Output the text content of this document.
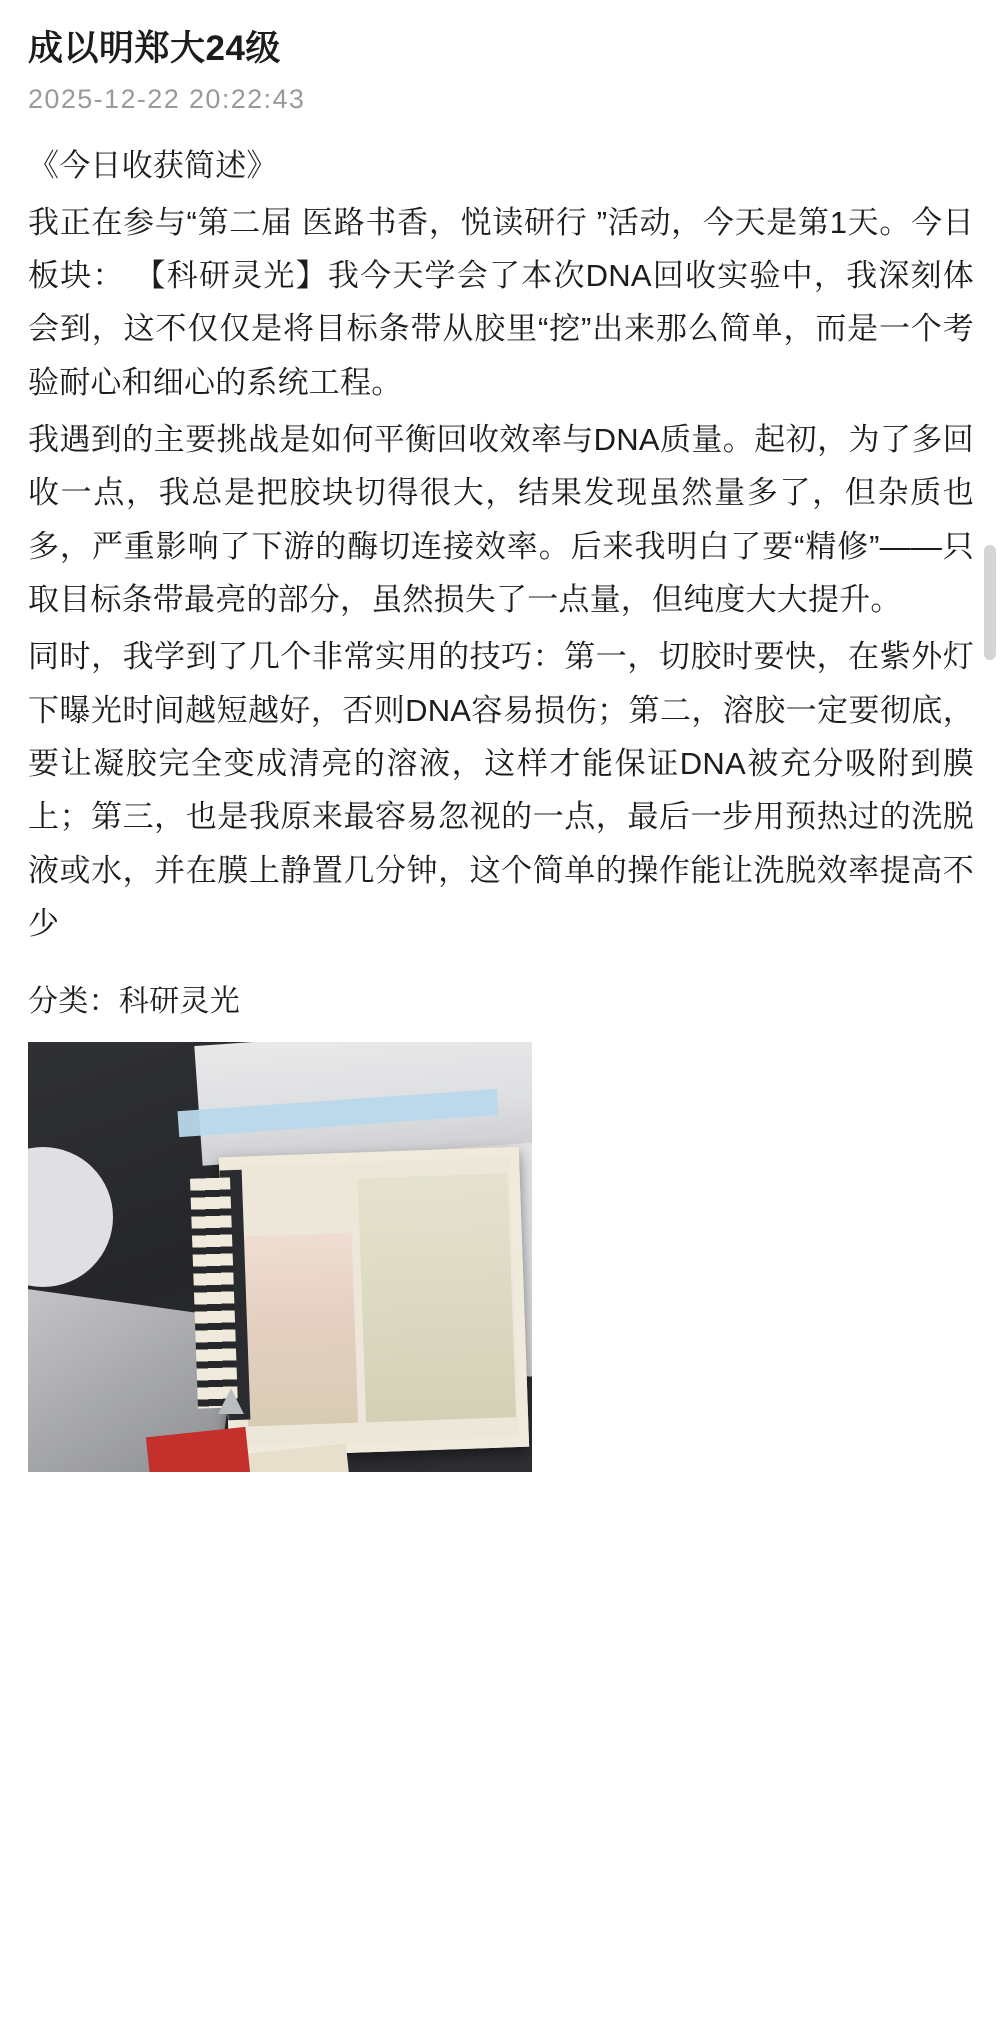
成以明郑大24级
2025-12-22 20:22:43
《今日收获简述》
我正在参与“第二届 医路书香，悦读研行 ”活动，今天是第1天。今日板块： 【科研灵光】我今天学会了本次DNA回收实验中，我深刻体会到，这不仅仅是将目标条带从胶里“挖”出来那么简单，而是一个考验耐心和细心的系统工程。
我遇到的主要挑战是如何平衡回收效率与DNA质量。起初，为了多回收一点，我总是把胶块切得很大，结果发现虽然量多了，但杂质也多，严重影响了下游的酶切连接效率。后来我明白了要“精修”——只取目标条带最亮的部分，虽然损失了一点量，但纯度大大提升。
同时，我学到了几个非常实用的技巧：第一，切胶时要快，在紫外灯下曝光时间越短越好，否则DNA容易损伤；第二，溶胶一定要彻底，要让凝胶完全变成清亮的溶液，这样才能保证DNA被充分吸附到膜上；第三，也是我原来最容易忽视的一点，最后一步用预热过的洗脱液或水，并在膜上静置几分钟，这个简单的操作能让洗脱效率提高不少
分类：科研灵光
